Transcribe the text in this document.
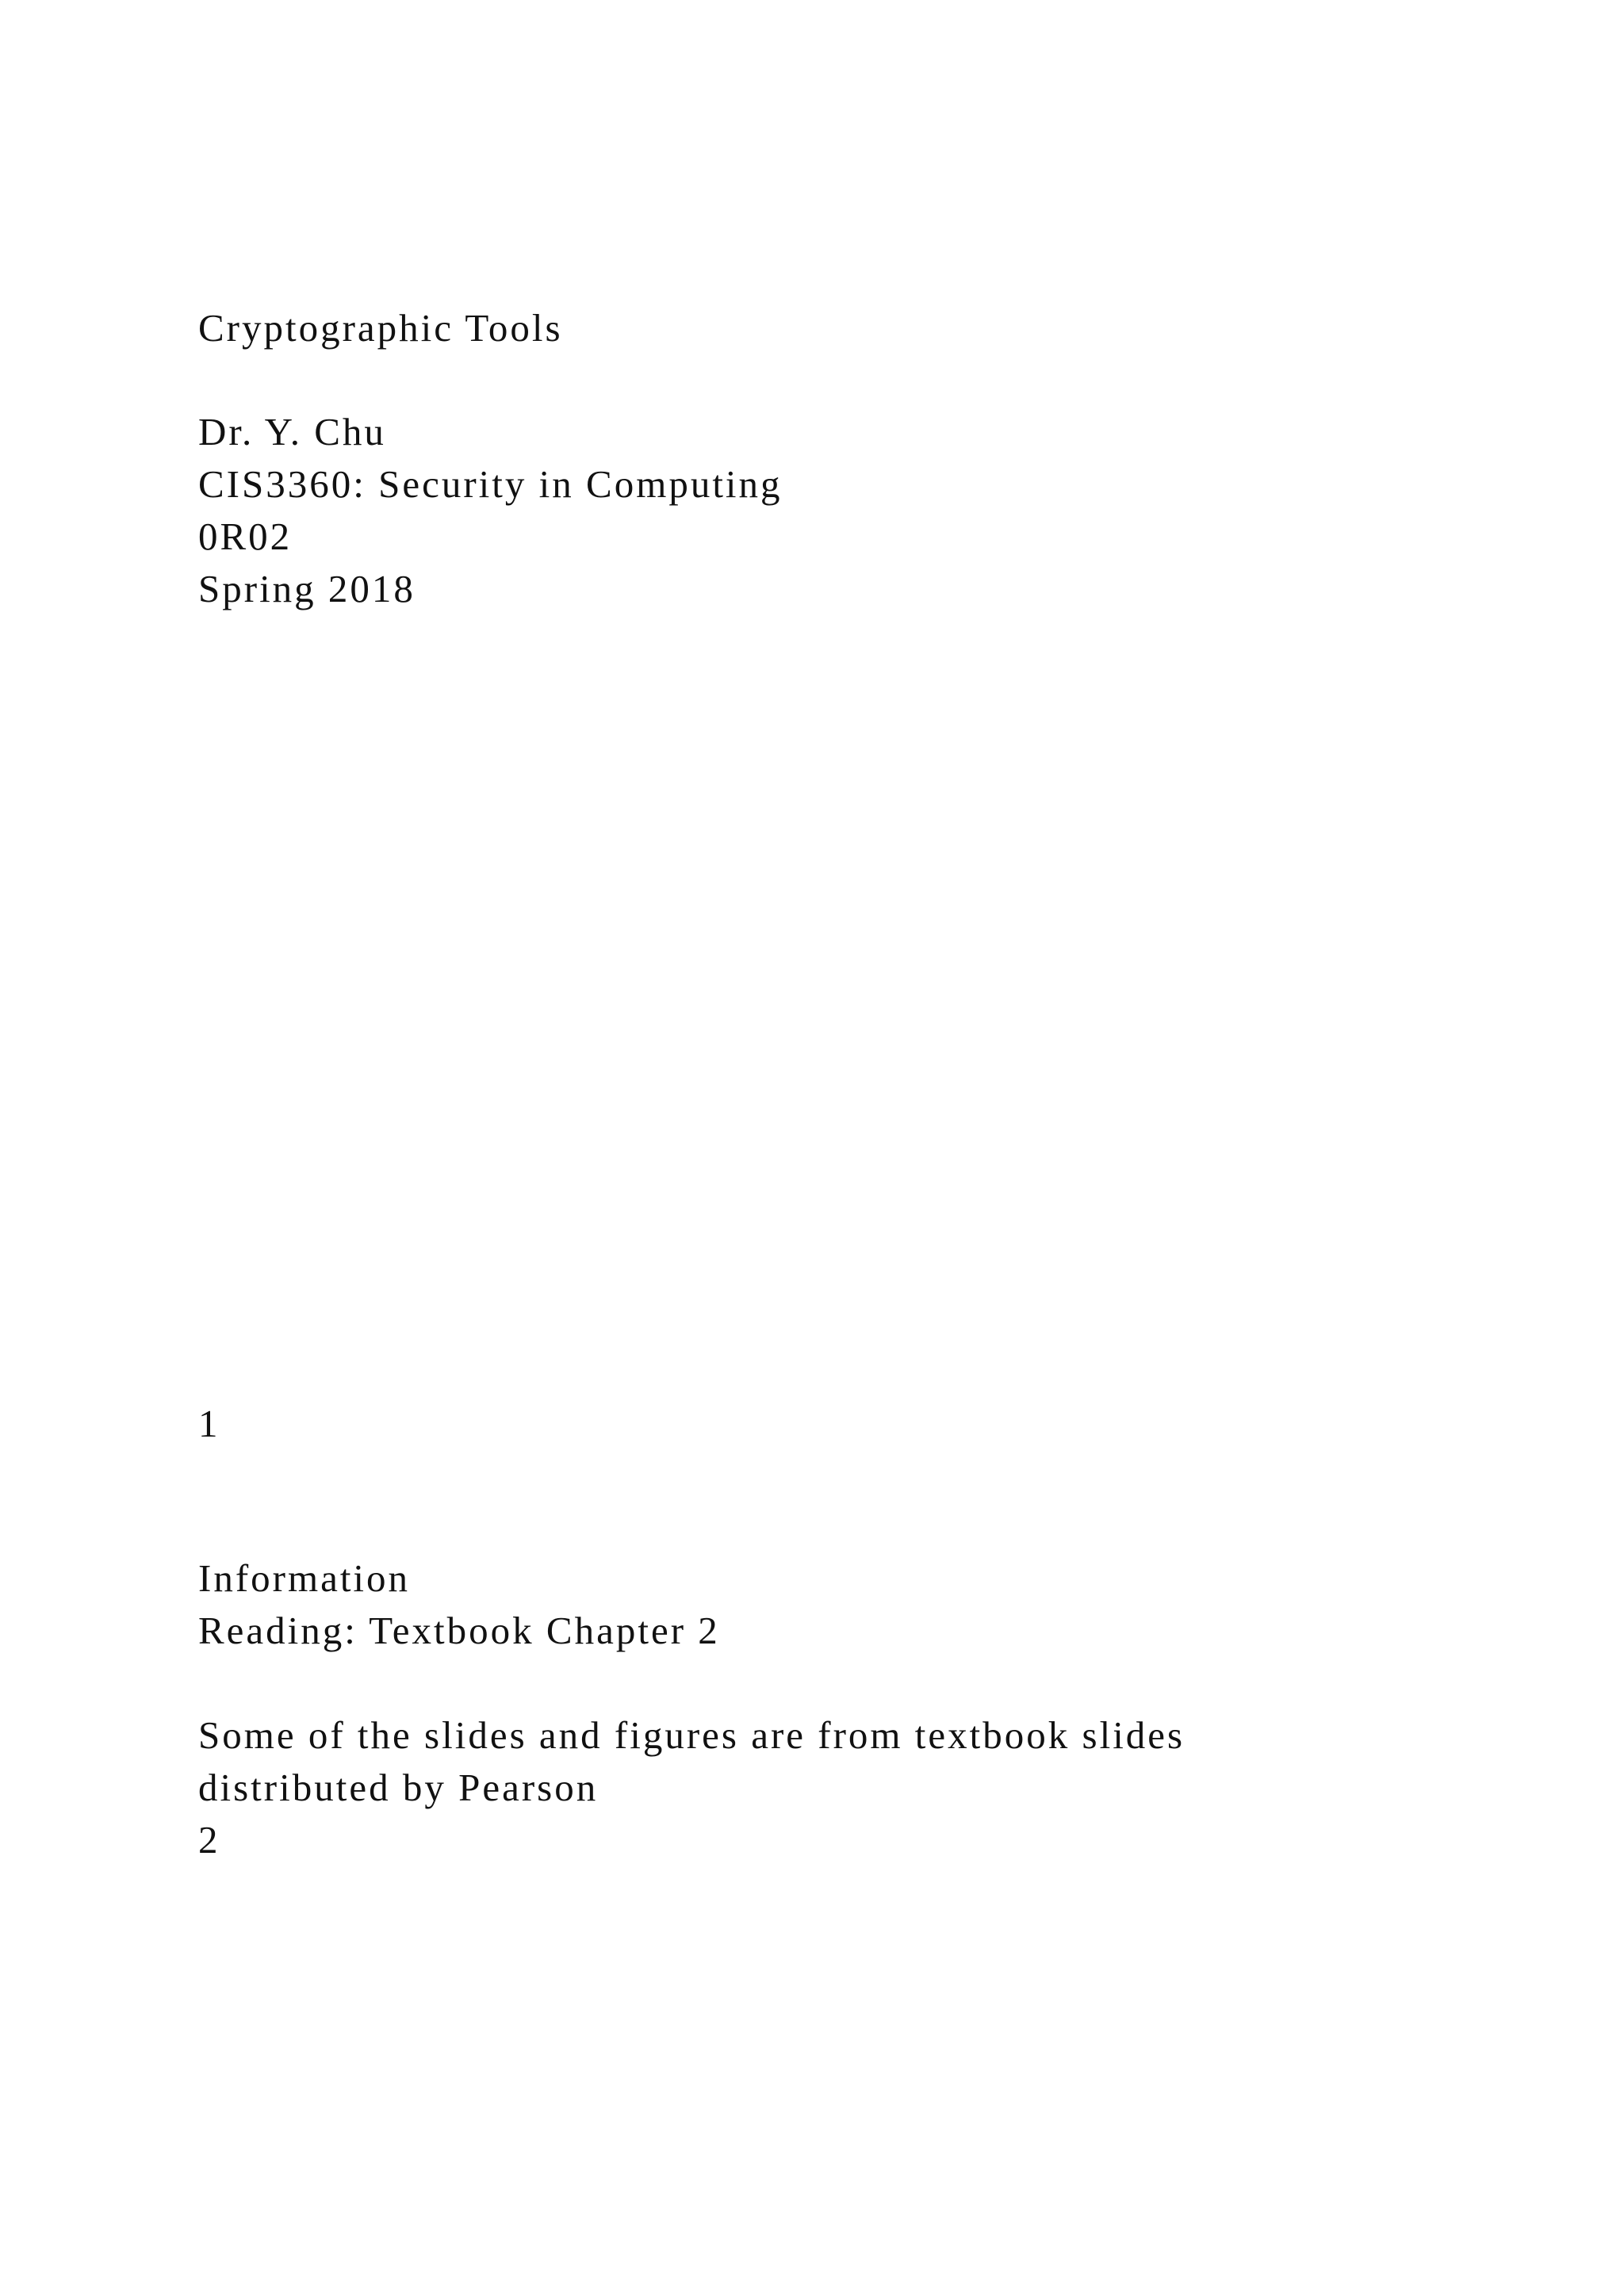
Cryptographic Tools

Dr. Y. Chu

CIS3360: Security in Computing

0R02

Spring 2018

1

Information

Reading: Textbook Chapter 2

Some of the slides and figures are from textbook slides

distributed by Pearson

2
